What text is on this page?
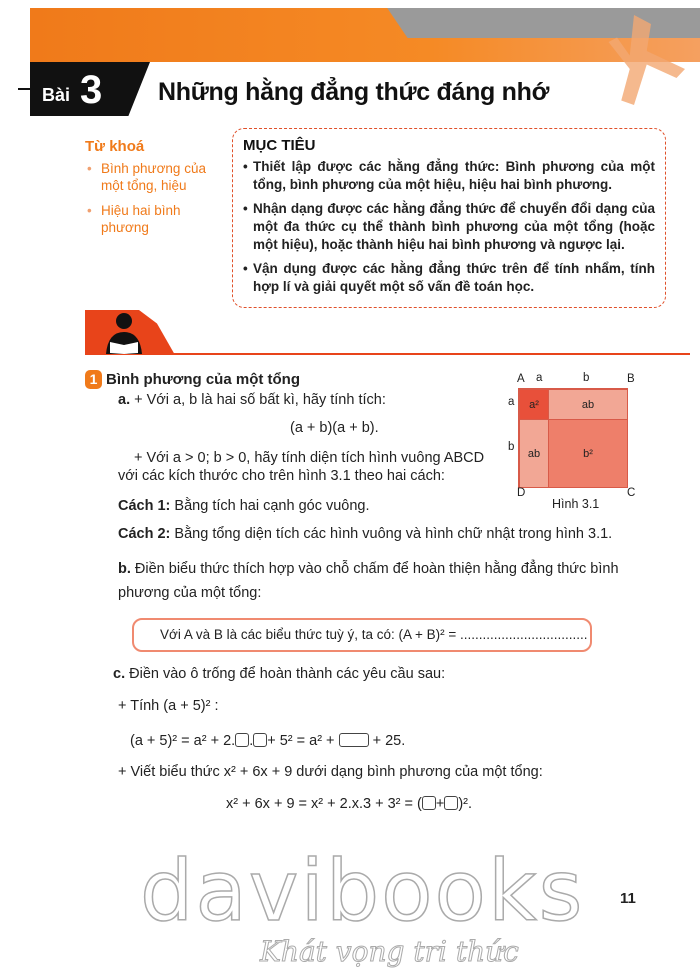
Bài 3 Những hằng đẳng thức đáng nhớ
Từ khoá
• Bình phương của một tổng, hiệu
• Hiệu hai bình phương
MỤC TIÊU
• Thiết lập được các hằng đẳng thức: Bình phương của một tổng, bình phương của một hiệu, hiệu hai bình phương.
• Nhận dạng được các hằng đẳng thức để chuyển đổi dạng của một đa thức cụ thể thành bình phương của một tổng (hoặc một hiệu), hoặc thành hiệu hai bình phương và ngược lại.
• Vận dụng được các hằng đẳng thức trên để tính nhẩm, tính hợp lí và giải quyết một số vấn đề toán học.
1 Bình phương của một tổng
a. + Với a, b là hai số bất kì, hãy tính tích:
(a + b)(a + b).
+ Với a > 0; b > 0, hãy tính diện tích hình vuông ABCD với các kích thước cho trên hình 3.1 theo hai cách:
Cách 1: Bằng tích hai cạnh góc vuông.
Cách 2: Bằng tổng diện tích các hình vuông và hình chữ nhật trong hình 3.1.
b. Điền biểu thức thích hợp vào chỗ chấm để hoàn thiện hằng đẳng thức bình phương của một tổng:
Với A và B là các biểu thức tuỳ ý, ta có: (A + B)² = ..................................
c. Điền vào ô trống để hoàn thành các yêu cầu sau:
+ Tính (a + 5)² :
(a + 5)² = a² + 2. . + 5² = a² +	+ 25.
+ Viết biểu thức x² + 6x + 9 dưới dạng bình phương của một tổng:
x² + 6x + 9 = x² + 2.x.3 + 3² = ( + )².
a²	ab
ab	b²
A a	b	B
a
b
D	C
Hình 3.1
davibooks
Khát vọng tri thức
11
